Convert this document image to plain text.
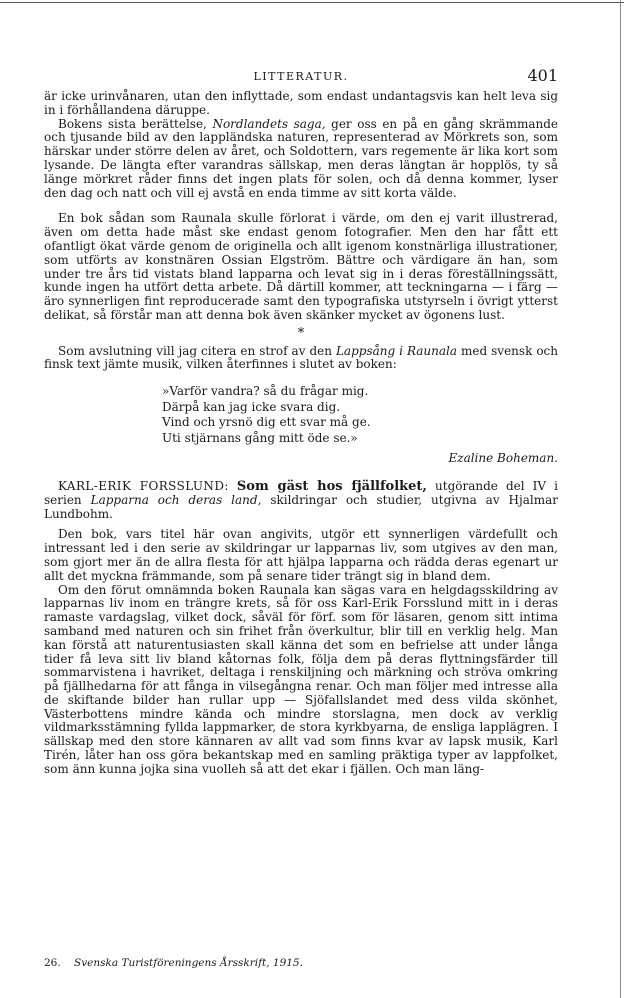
LITTERATUR.	401

är icke urinvånaren, utan den inflyttade, som endast undantagsvis kan helt leva sig in i förhållandena däruppe.

Bokens sista berättelse, Nordlandets saga, ger oss en på en gång skrämmande och tjusande bild av den lappländska naturen, representerad av Mörkrets son, som härskar under större delen av året, och Soldottern, vars regemente är lika kort som lysande. De längta efter varandras sällskap, men deras längtan är hopplös, ty så länge mörkret råder finns det ingen plats för solen, och då denna kommer, lyser den dag och natt och vill ej avstå en enda timme av sitt korta välde.

En bok sådan som Raunala skulle förlorat i värde, om den ej varit illustrerad, även om detta hade måst ske endast genom fotografier. Men den har fått ett ofantligt ökat värde genom de originella och allt igenom konstnärliga illustrationer, som utförts av konstnären Ossian Elgström. Bättre och värdigare än han, som under tre års tid vistats bland lapparna och levat sig in i deras föreställningssätt, kunde ingen ha utfört detta arbete. Då därtill kommer, att teckningarna — i färg — äro synnerligen fint reproducerade samt den typografiska utstyrseln i övrigt ytterst delikat, så förstår man att denna bok även skänker mycket av ögonens lust.

*

Som avslutning vill jag citera en strof av den Lappsång i Raunala med svensk och finsk text jämte musik, vilken återfinnes i slutet av boken:

»Varför vandra? så du frågar mig.
Därpå kan jag icke svara dig.
Vind och yrsnö dig ett svar må ge.
Uti stjärnans gång mitt öde se.»

Ezaline Boheman.

KARL-ERIK FORSSLUND: Som gäst hos fjällfolket, utgörande del IV i serien Lapparna och deras land, skildringar och studier, utgivna av Hjalmar Lundbohm.

Den bok, vars titel här ovan angivits, utgör ett synnerligen värdefullt och intressant led i den serie av skildringar ur lapparnas liv, som utgives av den man, som gjort mer än de allra flesta för att hjälpa lapparna och rädda deras egenart ur allt det myckna främmande, som på senare tider trängt sig in bland dem.

Om den förut omnämnda boken Raunala kan sägas vara en helgdagsskildring av lapparnas liv inom en trängre krets, så för oss Karl-Erik Forsslund mitt in i deras ramaste vardagslag, vilket dock, såväl för förf. som för läsaren, genom sitt intima samband med naturen och sin frihet från överkultur, blir till en verklig helg. Man kan förstå att naturentusiasten skall känna det som en befrielse att under långa tider få leva sitt liv bland kåtornas folk, följa dem på deras flyttningsfärder till sommarvistena i havriket, deltaga i renskiljning och märkning och ströva omkring på fjällhedarna för att fånga in vilsegångna renar. Och man följer med intresse alla de skiftande bilder han rullar upp — Sjöfallslandet med dess vilda skönhet, Västerbottens mindre kända och mindre storslagna, men dock av verklig vildmarksstämning fyllda lappmarker, de stora kyrkbyarna, de ensliga lapplägren. I sällskap med den store kännaren av allt vad som finns kvar av lapsk musik, Karl Tirén, låter han oss göra bekantskap med en samling präktiga typer av lappfolket, som änn kunna jojka sina vuolleh så att det ekar i fjällen. Och man läng-

26. Svenska Turistföreningens Årsskrift, 1915.
